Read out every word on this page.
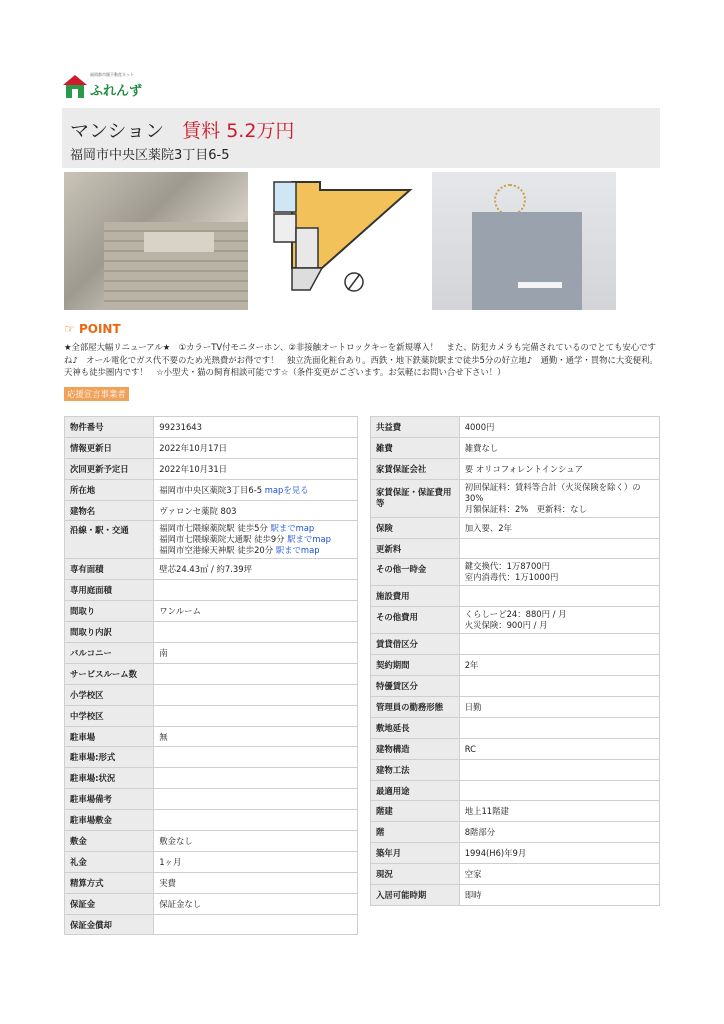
福岡都市圏不動産ネット
ふれんず
マンション 賃料 5.2万円
福岡市中央区薬院3丁目6-5
☞ POINT
★全部屋大幅リニューアル★　①カラーTV付モニターホン、②非接触オートロックキーを新規導入！　また、防犯カメラも完備されているのでとても安心ですね♪　オール電化でガス代不要のため光熱費がお得です！　独立洗面化粧台あり。西鉄・地下鉄薬院駅まで徒歩5分の好立地♪　通勤・通学・買物に大変便利。天神も徒歩圏内です！　☆小型犬・猫の飼育相談可能です☆（条件変更がございます。お気軽にお問い合せ下さい！）
応援宣言事業者
物件番号	99231643
情報更新日	2022年10月17日
次回更新予定日	2022年10月31日
所在地	福岡市中央区薬院3丁目6-5 mapを見る
建物名	ヴァロンセ薬院 803
沿線・駅・交通	福岡市七隈線薬院駅 徒歩5分 駅までmap
福岡市七隈線薬院大通駅 徒歩9分 駅までmap
福岡市空港線天神駅 徒歩20分 駅までmap

専有面積	壁芯24.43㎡ / 約7.39坪
専用庭面積	
間取り	ワンルーム
間取り内訳	
バルコニー	南
サービスルーム数	
小学校区	
中学校区	
駐車場	無
駐車場:形式	
駐車場:状況	
駐車場備考	
駐車場敷金	
敷金	敷金なし
礼金	1ヶ月
精算方式	実費
保証金	保証金なし
保証金償却	
共益費	4000円
雑費	雑費なし
家賃保証会社	要 オリコフォレントインシュア
家賃保証・保証費用等	初回保証料：賃料等合計（火災保険を除く）の30%
月額保証料：2%　更新料：なし

保険	加入要、2年
更新料	
その他一時金	鍵交換代：1万8700円
室内消毒代：1万1000円

施設費用	
その他費用	くらしーど24：880円 / 月
火災保険：900円 / 月

賃貸借区分	
契約期間	2年
特優賃区分	
管理員の勤務形態	日勤
敷地延長	
建物構造	RC
建物工法	
最適用途	
階建	地上11階建
階	8階部分
築年月	1994(H6)年9月
現況	空家
入居可能時期	即時
